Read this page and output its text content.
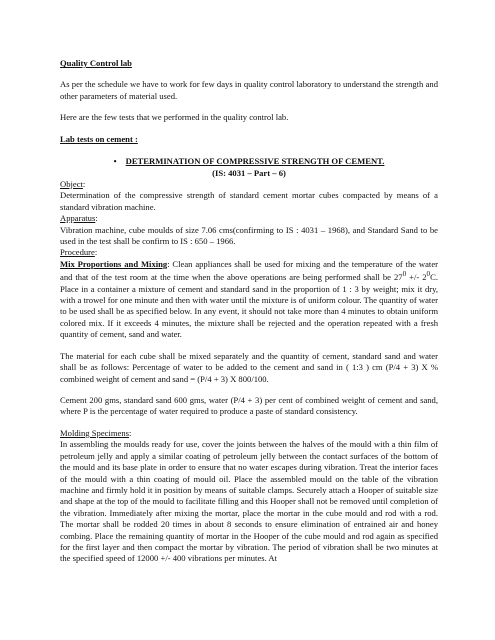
Quality Control lab

As per the schedule we have to work for few days in quality control laboratory to understand the strength and other parameters of material used.

Here are the few tests that we performed in the quality control lab.

Lab tests on cement :

• DETERMINATION OF COMPRESSIVE STRENGTH OF CEMENT.

(IS: 4031 – Part – 6)

Object:

Determination of the compressive strength of standard cement mortar cubes compacted by means of a standard vibration machine.

Apparatus:

Vibration machine, cube moulds of size 7.06 cms(confirming to IS : 4031 – 1968), and Standard Sand to be used in the test shall be confirm to IS : 650 – 1966.

Procedure:

Mix Proportions and Mixing: Clean appliances shall be used for mixing and the temperature of the water and that of the test room at the time when the above operations are being performed shall be $27^0$ +/- $2^0C$. Place in a container a mixture of cement and standard sand in the proportion of 1 : 3 by weight; mix it dry, with a trowel for one minute and then with water until the mixture is of uniform colour. The quantity of water to be used shall be as specified below. In any event, it should not take more than 4 minutes to obtain uniform colored mix. If it exceeds 4 minutes, the mixture shall be rejected and the operation repeated with a fresh quantity of cement, sand and water.

The material for each cube shall be mixed separately and the quantity of cement, standard sand and water shall be as follows: Percentage of water to be added to the cement and sand in ( 1:3 ) cm (P/4 + 3) X % combined weight of cement and sand = (P/4 + 3) X 800/100.

Cement 200 gms, standard sand 600 gms, water (P/4 + 3) per cent of combined weight of cement and sand, where P is the percentage of water required to produce a paste of standard consistency.

Molding Specimens:

In assembling the moulds ready for use, cover the joints between the halves of the mould with a thin film of petroleum jelly and apply a similar coating of petroleum jelly between the contact surfaces of the bottom of the mould and its base plate in order to ensure that no water escapes during vibration. Treat the interior faces of the mould with a thin coating of mould oil. Place the assembled mould on the table of the vibration machine and firmly hold it in position by means of suitable clamps. Securely attach a Hooper of suitable size and shape at the top of the mould to facilitate filling and this Hooper shall not be removed until completion of the vibration. Immediately after mixing the mortar, place the mortar in the cube mould and rod with a rod. The mortar shall be rodded 20 times in about 8 seconds to ensure elimination of entrained air and honey combing. Place the remaining quantity of mortar in the Hooper of the cube mould and rod again as specified for the first layer and then compact the mortar by vibration. The period of vibration shall be two minutes at the specified speed of 12000 +/- 400 vibrations per minutes. At
